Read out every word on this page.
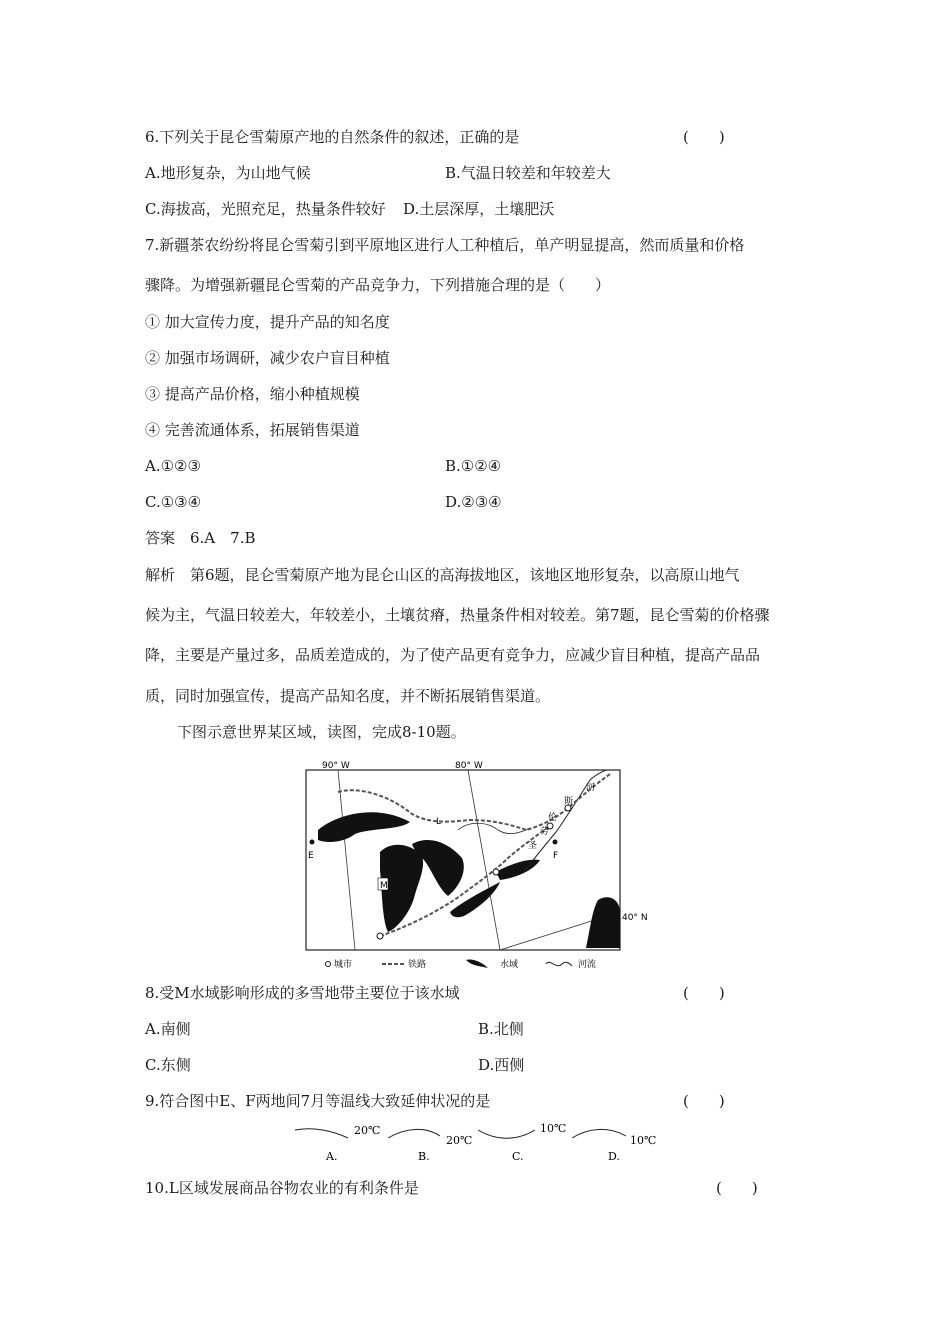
6.下列关于昆仑雪菊原产地的自然条件的叙述，正确的是	(　　)
A.地形复杂，为山地气候	B.气温日较差和年较差大
C.海拔高，光照充足，热量条件较好 D.土层深厚，土壤肥沃
7.新疆茶农纷纷将昆仑雪菊引到平原地区进行人工种植后，单产明显提高，然而质量和价格
骤降。为增强新疆昆仑雪菊的产品竞争力，下列措施合理的是（　　）
① 加大宣传力度，提升产品的知名度
② 加强市场调研，减少农户盲目种植
③ 提高产品价格，缩小种植规模
④ 完善流通体系，拓展销售渠道
A.①②③	B.①②④
C.①③④	D.②③④
答案　6.A　7.B
解析　第6题，昆仑雪菊原产地为昆仑山区的高海拔地区，该地区地形复杂，以高原山地气
候为主，气温日较差大，年较差小，土壤贫瘠，热量条件相对较差。第7题，昆仑雪菊的价格骤
降，主要是产量过多，品质差造成的，为了使产品更有竞争力，应减少盲目种植，提高产品品
质，同时加强宣传，提高产品知名度，并不断拓展销售渠道。
下图示意世界某区域，读图，完成8-10题。
90° W	80° W
40° N
E	F
L
M
河
斯
伦
劳
圣
城市	铁路	水域	河流
8.受M水域影响形成的多雪地带主要位于该水域	(　　)
A.南侧	B.北侧
C.东侧	D.西侧
9.符合图中E、F两地间7月等温线大致延伸状况的是	(　　)
20℃
A.
20℃
B.
10℃
C.
10℃
D.
10.L区域发展商品谷物农业的有利条件是	(　　)
